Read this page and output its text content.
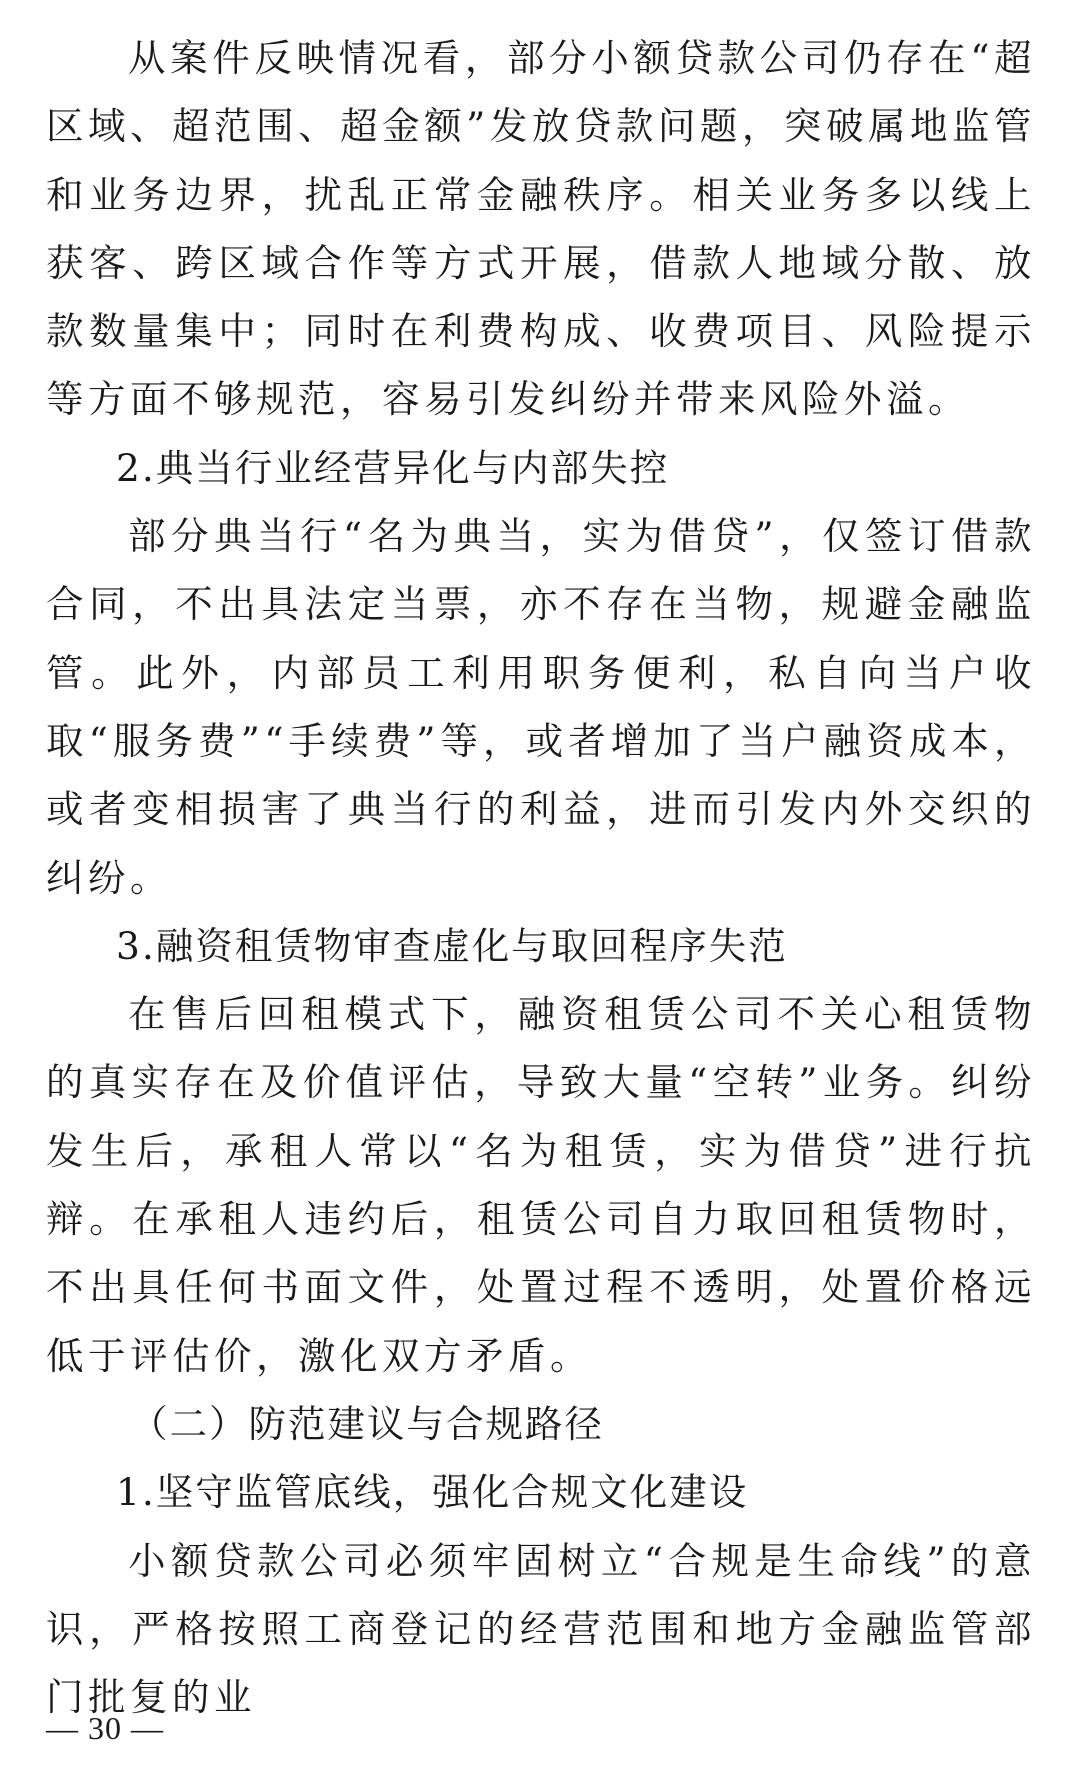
从案件反映情况看，部分小额贷款公司仍存在“超区域、超范围、超金额”发放贷款问题，突破属地监管和业务边界，扰乱正常金融秩序。相关业务多以线上获客、跨区域合作等方式开展，借款人地域分散、放款数量集中；同时在利费构成、收费项目、风险提示等方面不够规范，容易引发纠纷并带来风险外溢。

2.典当行业经营异化与内部失控

部分典当行“名为典当，实为借贷”，仅签订借款合同，不出具法定当票，亦不存在当物，规避金融监管。此外，内部员工利用职务便利，私自向当户收取“服务费”“手续费”等，或者增加了当户融资成本，或者变相损害了典当行的利益，进而引发内外交织的纠纷。

3.融资租赁物审查虚化与取回程序失范

在售后回租模式下，融资租赁公司不关心租赁物的真实存在及价值评估，导致大量“空转”业务。纠纷发生后，承租人常以“名为租赁，实为借贷”进行抗辩。在承租人违约后，租赁公司自力取回租赁物时，不出具任何书面文件，处置过程不透明，处置价格远低于评估价，激化双方矛盾。

（二）防范建议与合规路径

1.坚守监管底线，强化合规文化建设

小额贷款公司必须牢固树立“合规是生命线”的意识，严格按照工商登记的经营范围和地方金融监管部门批复的业

— 30 —
